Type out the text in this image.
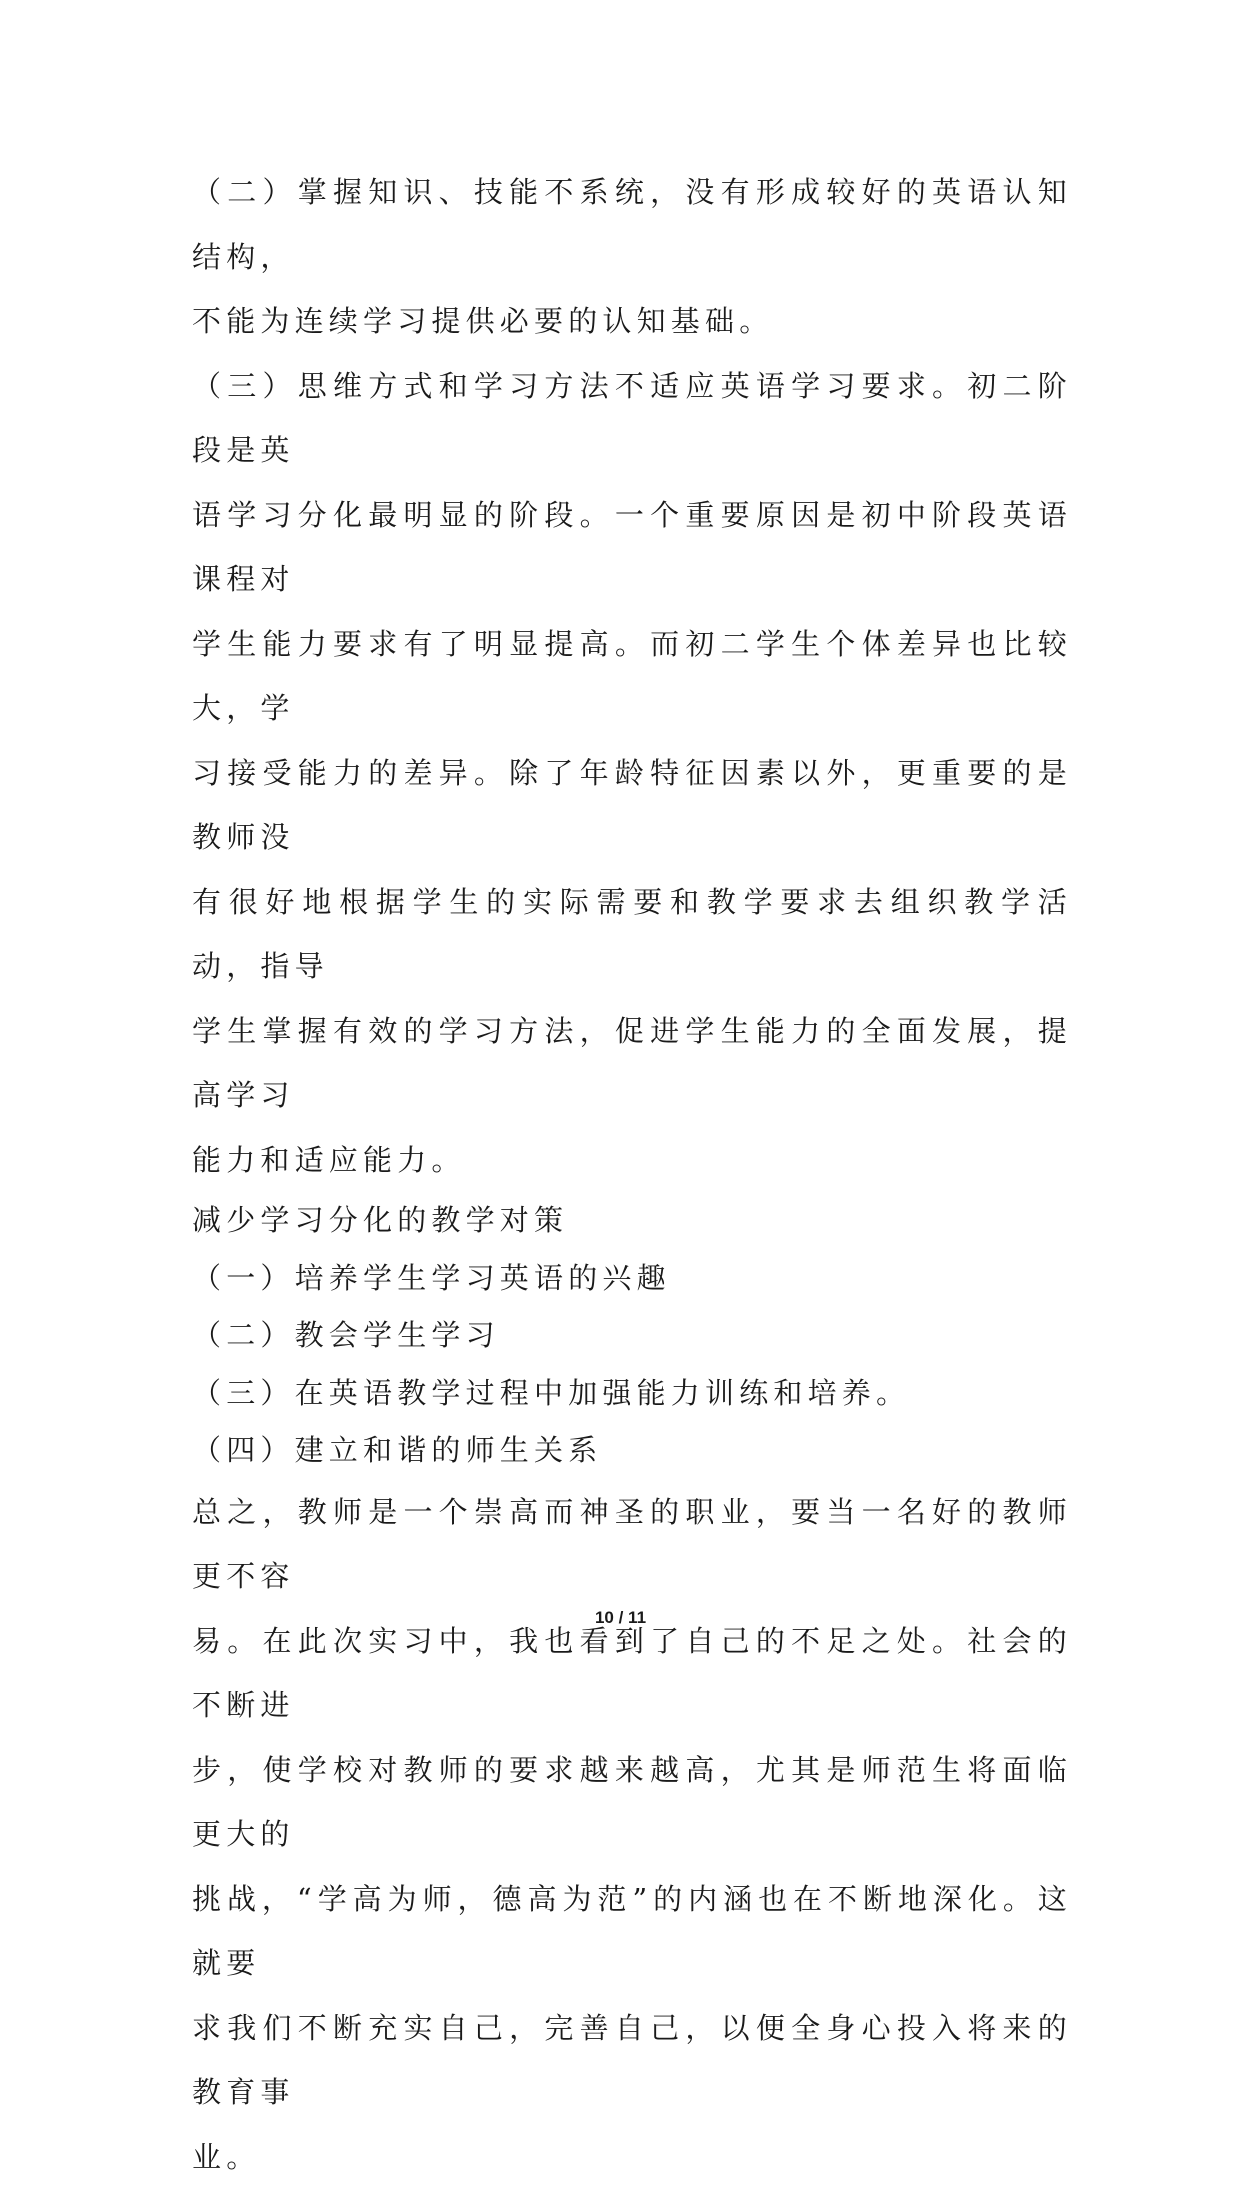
（二）掌握知识、技能不系统，没有形成较好的英语认知结构，

不能为连续学习提供必要的认知基础。

（三）思维方式和学习方法不适应英语学习要求。初二阶段是英

语学习分化最明显的阶段。一个重要原因是初中阶段英语课程对

学生能力要求有了明显提高。而初二学生个体差异也比较大，学

习接受能力的差异。除了年龄特征因素以外，更重要的是教师没

有很好地根据学生的实际需要和教学要求去组织教学活动，指导

学生掌握有效的学习方法，促进学生能力的全面发展，提高学习

能力和适应能力。

减少学习分化的教学对策

（一）培养学生学习英语的兴趣

（二）教会学生学习

（三）在英语教学过程中加强能力训练和培养。

（四）建立和谐的师生关系

总之，教师是一个崇高而神圣的职业，要当一名好的教师更不容

易。在此次实习中，我也看到了自己的不足之处。社会的不断进

步，使学校对教师的要求越来越高，尤其是师范生将面临更大的

挑战，“学高为师，德高为范”的内涵也在不断地深化。这就要

求我们不断充实自己，完善自己，以便全身心投入将来的教育事

业。

10 / 11
